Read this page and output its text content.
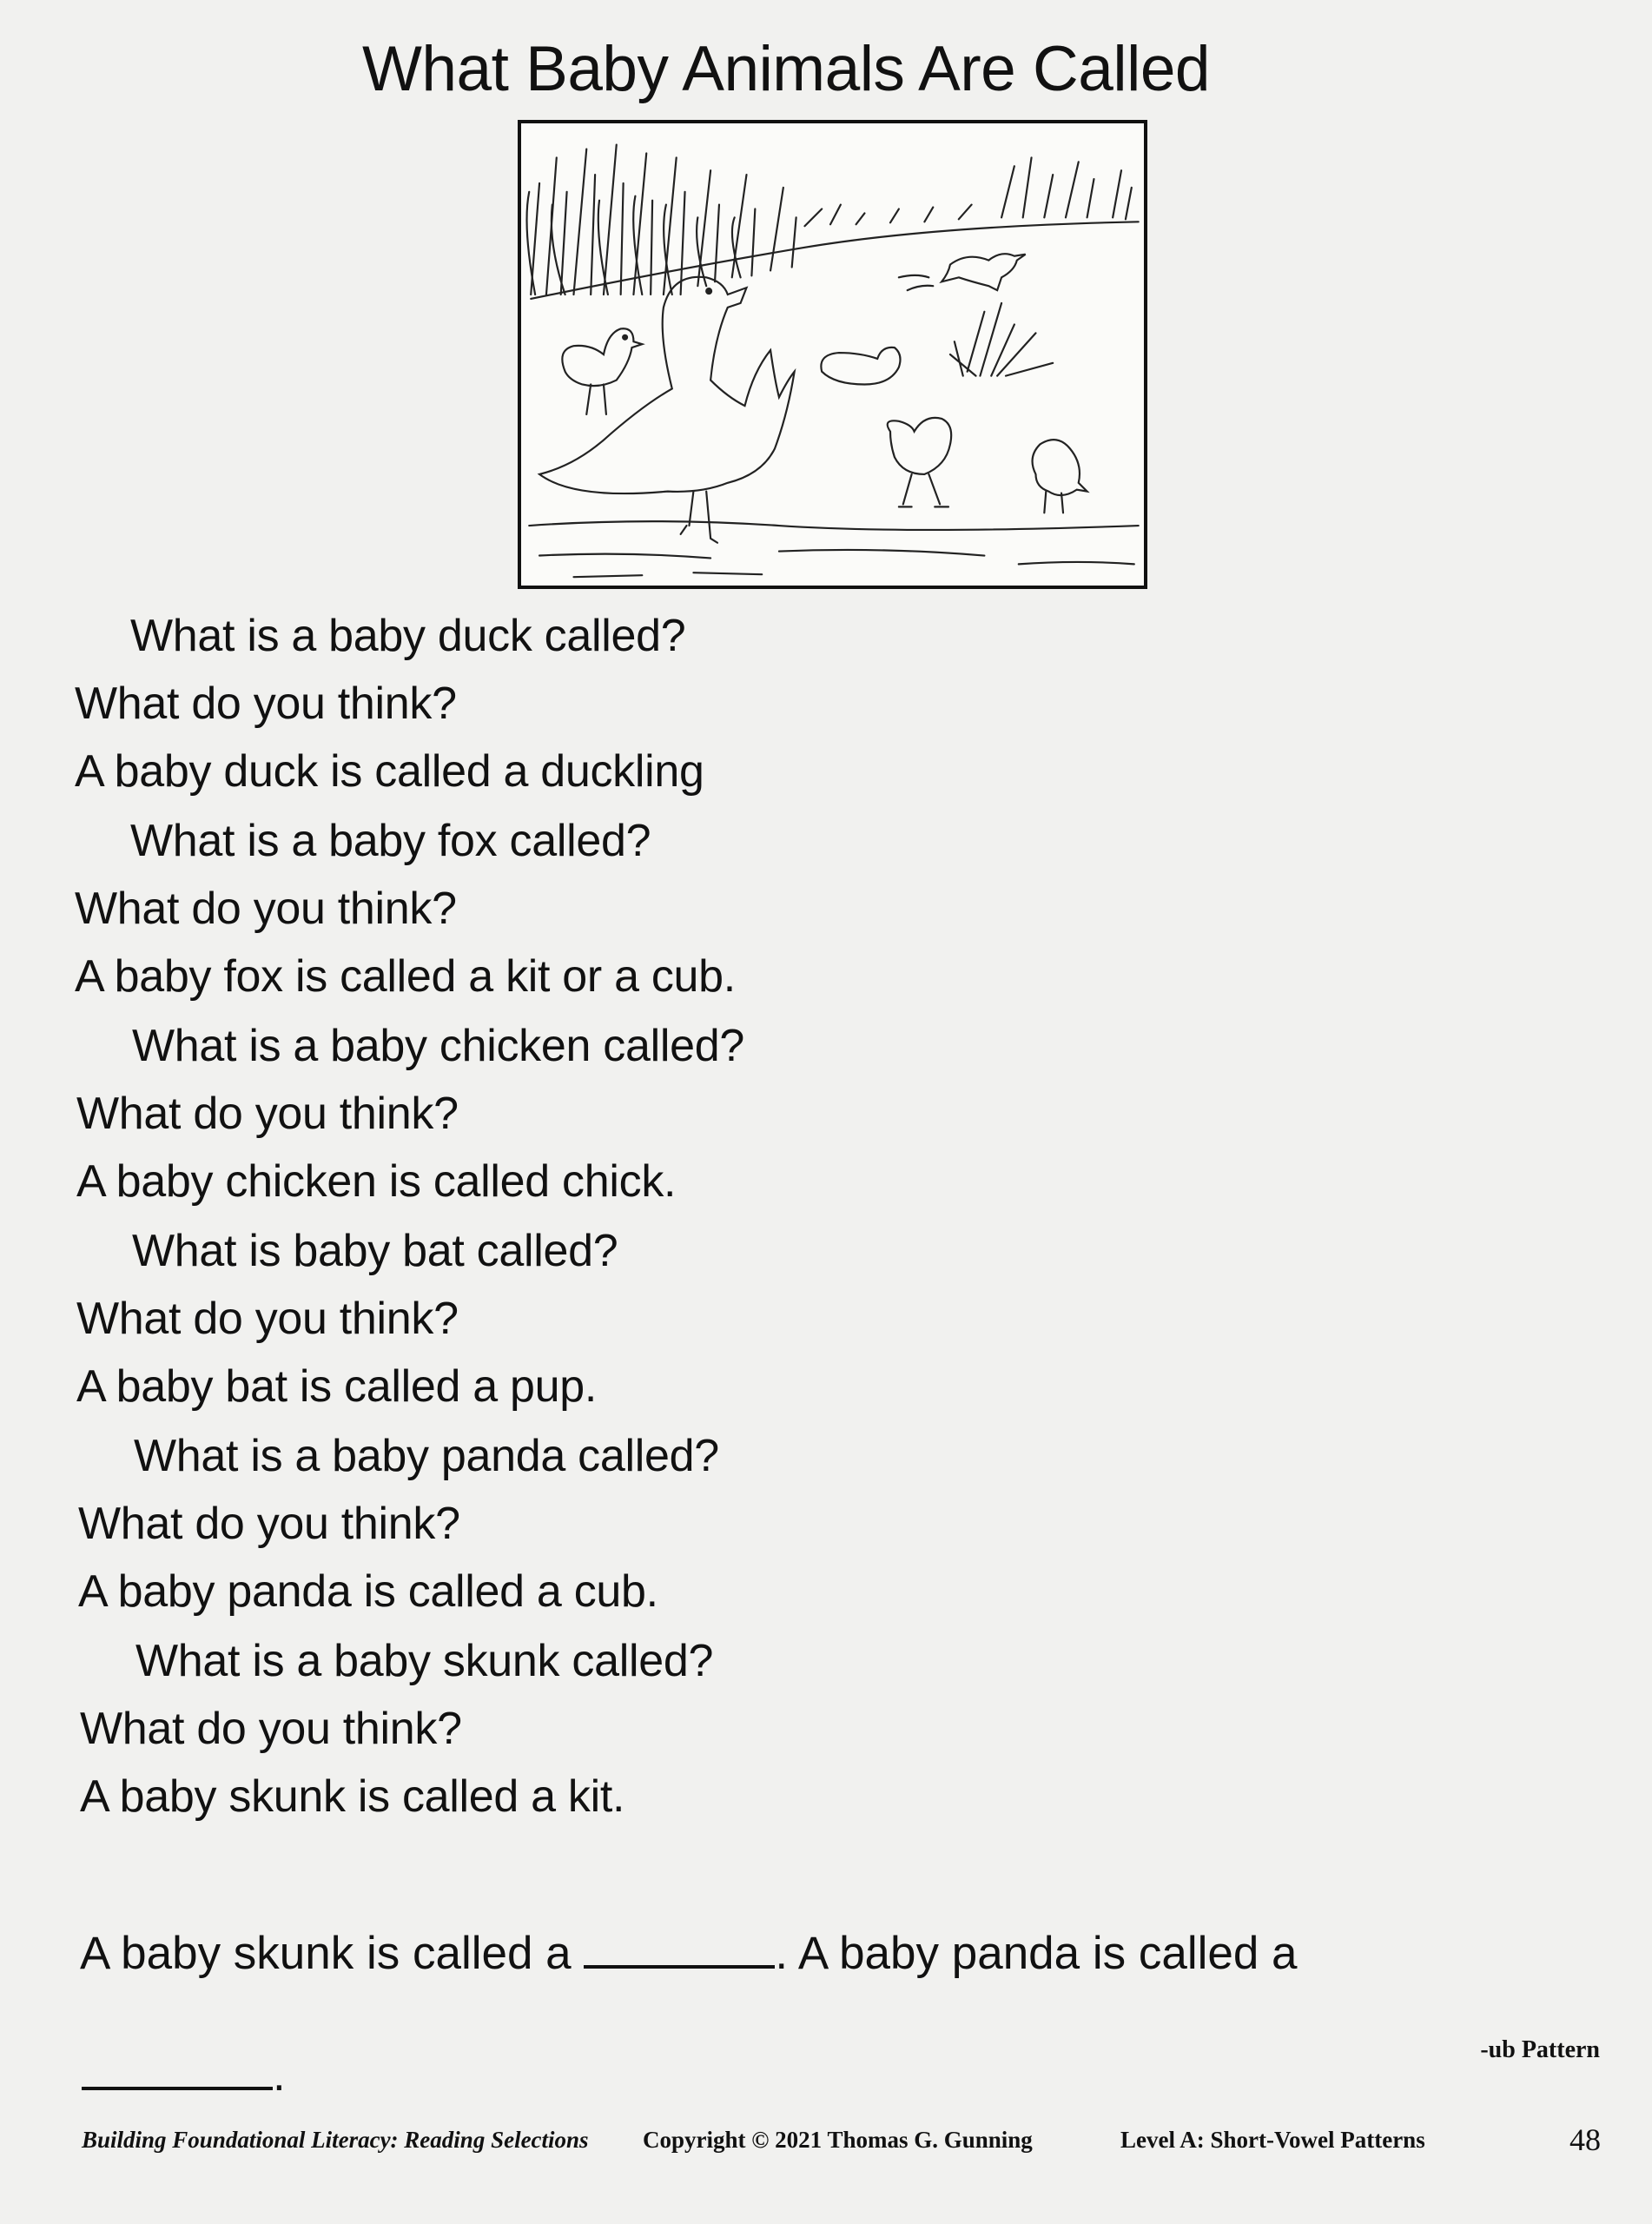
What Baby Animals Are Called
What is a baby duck called?
What do you think?
A baby duck is called a duckling
What is a baby fox called?
What do you think?
A baby fox is called a kit or a cub.
What is a baby chicken called?
What do you think?
A baby chicken is called chick.
What is baby bat called?
What do you think?
A baby bat is called a pup.
What is a baby panda called?
What do you think?
A baby panda is called a cub.
What is a baby skunk called?
What do you think?
A baby skunk is called a kit.
A baby skunk is called a	. A baby panda is called a
.	-ub Pattern
Building Foundational Literacy: Reading Selections Copyright © 2021 Thomas G. Gunning	Level A: Short-Vowel Patterns	48
